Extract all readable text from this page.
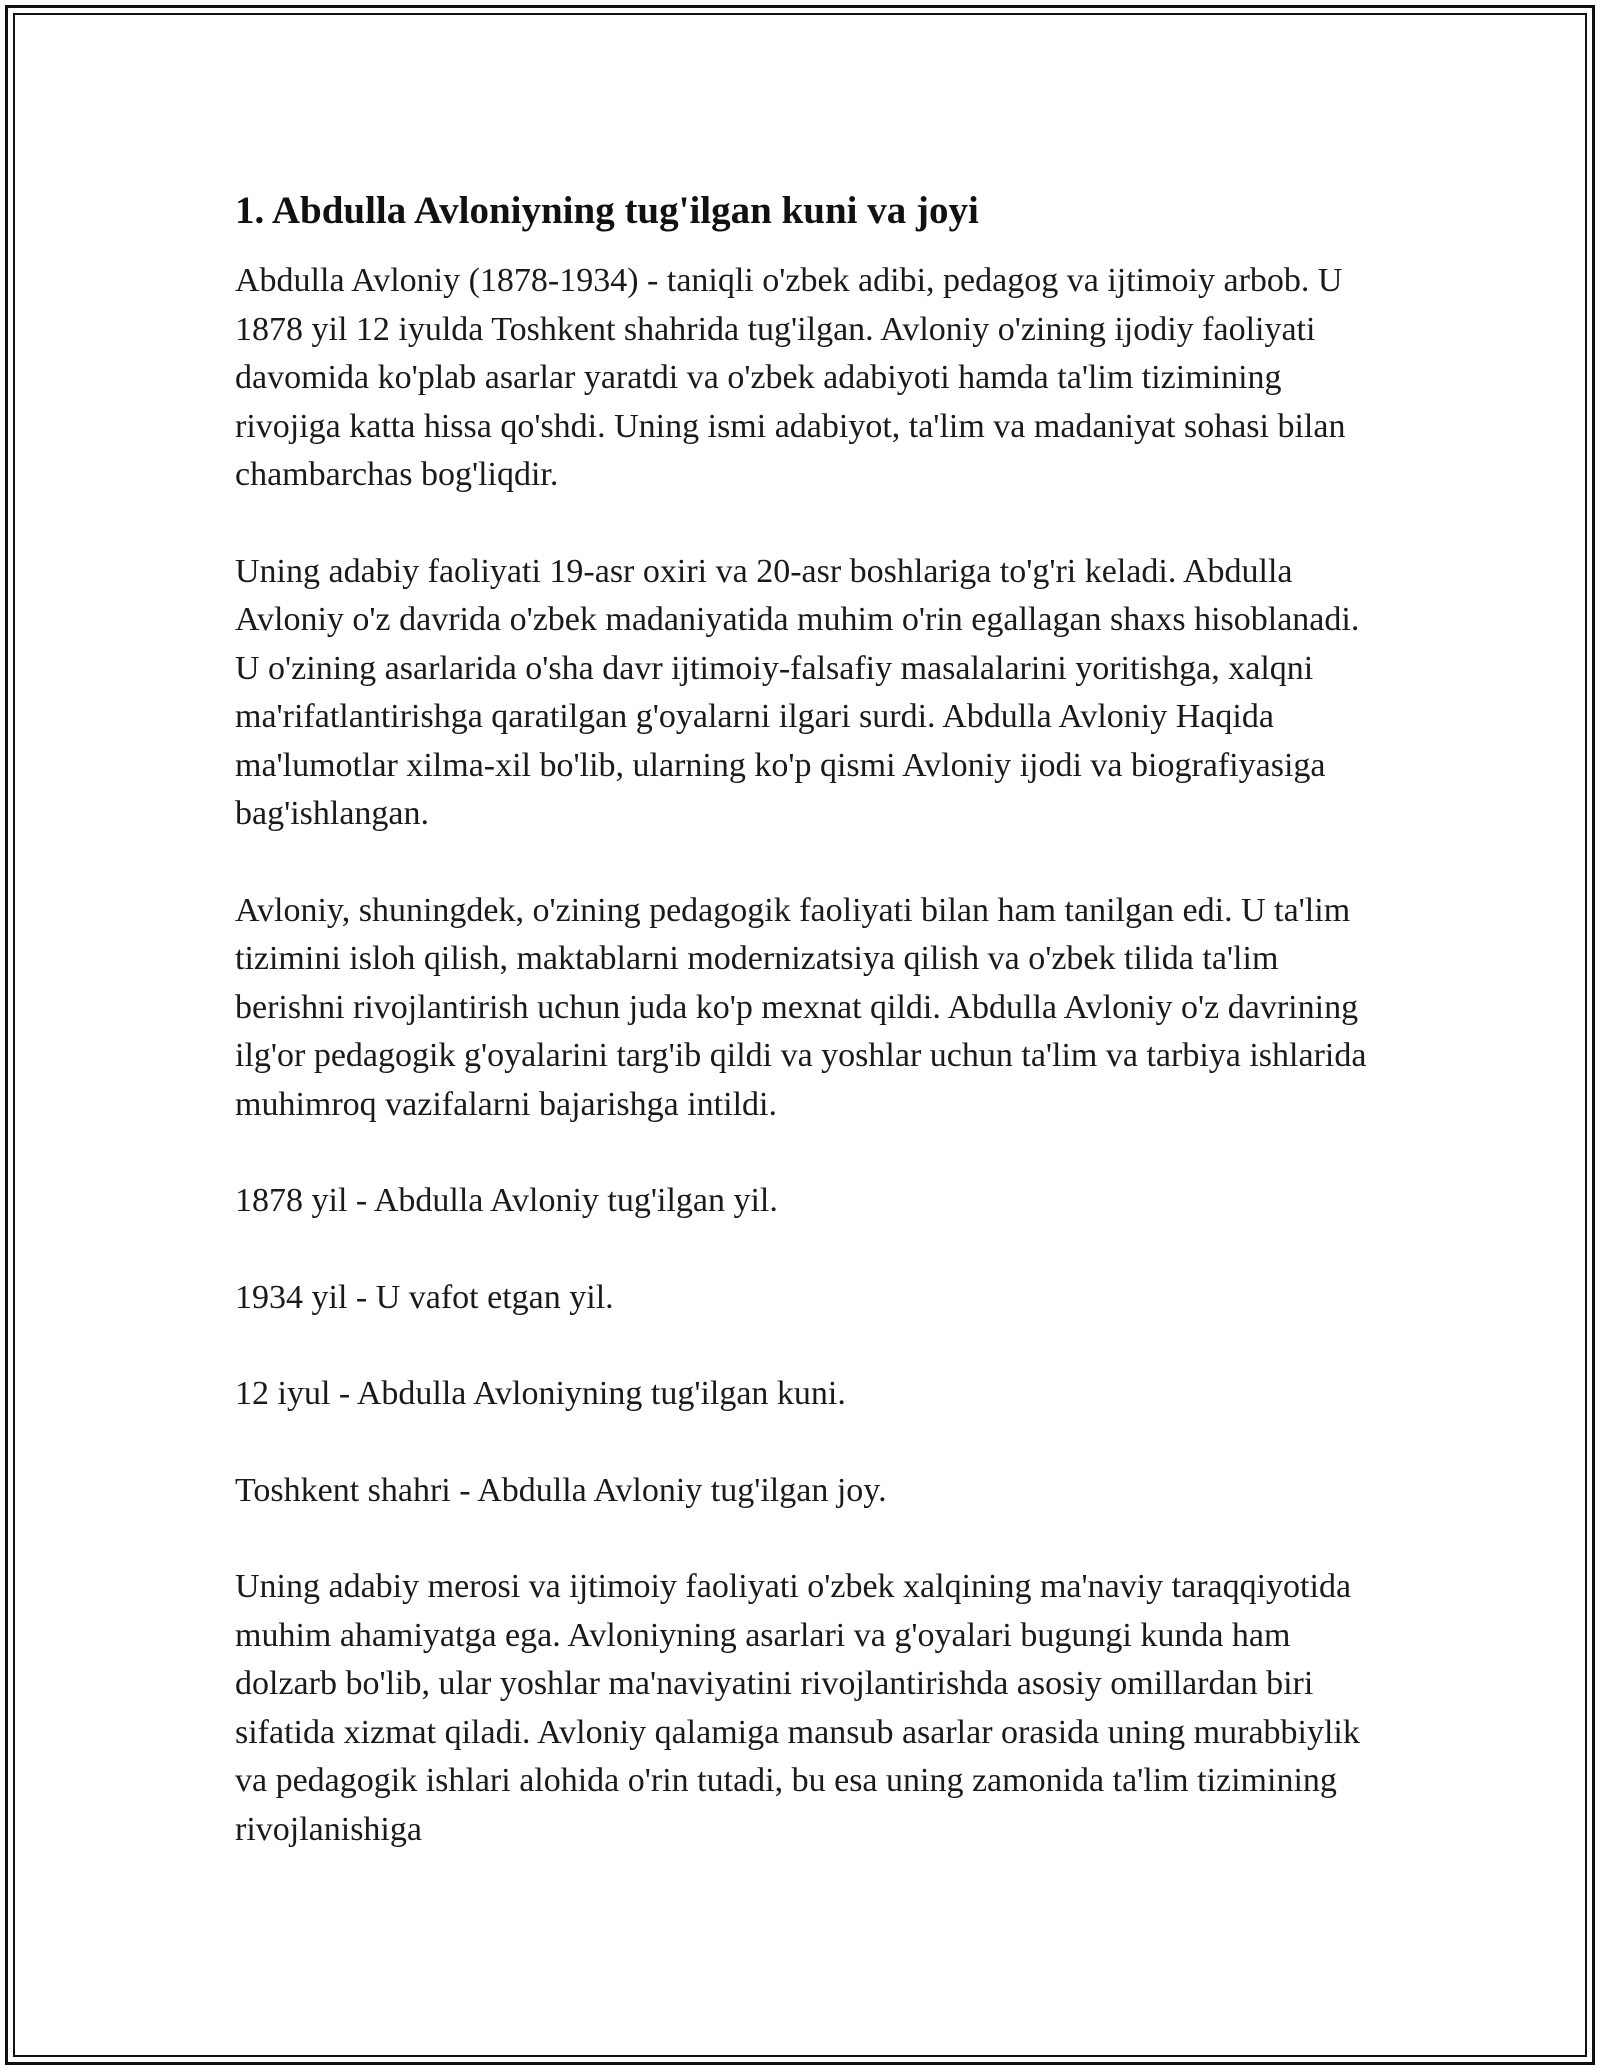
1. Abdulla Avloniyning tug'ilgan kuni va joyi

Abdulla Avloniy (1878-1934) - taniqli o'zbek adibi, pedagog va ijtimoiy arbob. U 1878 yil 12 iyulda Toshkent shahrida tug'ilgan. Avloniy o'zining ijodiy faoliyati davomida ko'plab asarlar yaratdi va o'zbek adabiyoti hamda ta'lim tizimining rivojiga katta hissa qo'shdi. Uning ismi adabiyot, ta'lim va madaniyat sohasi bilan chambarchas bog'liqdir.

Uning adabiy faoliyati 19-asr oxiri va 20-asr boshlariga to'g'ri keladi. Abdulla Avloniy o'z davrida o'zbek madaniyatida muhim o'rin egallagan shaxs hisoblanadi. U o'zining asarlarida o'sha davr ijtimoiy-falsafiy masalalarini yoritishga, xalqni ma'rifatlantirishga qaratilgan g'oyalarni ilgari surdi. Abdulla Avloniy Haqida ma'lumotlar xilma-xil bo'lib, ularning ko'p qismi Avloniy ijodi va biografiyasiga bag'ishlangan.

Avloniy, shuningdek, o'zining pedagogik faoliyati bilan ham tanilgan edi. U ta'lim tizimini isloh qilish, maktablarni modernizatsiya qilish va o'zbek tilida ta'lim berishni rivojlantirish uchun juda ko'p mexnat qildi. Abdulla Avloniy o'z davrining ilg'or pedagogik g'oyalarini targ'ib qildi va yoshlar uchun ta'lim va tarbiya ishlarida muhimroq vazifalarni bajarishga intildi.

1878 yil - Abdulla Avloniy tug'ilgan yil.

1934 yil - U vafot etgan yil.

12 iyul - Abdulla Avloniyning tug'ilgan kuni.

Toshkent shahri - Abdulla Avloniy tug'ilgan joy.

Uning adabiy merosi va ijtimoiy faoliyati o'zbek xalqining ma'naviy taraqqiyotida muhim ahamiyatga ega. Avloniyning asarlari va g'oyalari bugungi kunda ham dolzarb bo'lib, ular yoshlar ma'naviyatini rivojlantirishda asosiy omillardan biri sifatida xizmat qiladi. Avloniy qalamiga mansub asarlar orasida uning murabbiylik va pedagogik ishlari alohida o'rin tutadi, bu esa uning zamonida ta'lim tizimining rivojlanishiga
